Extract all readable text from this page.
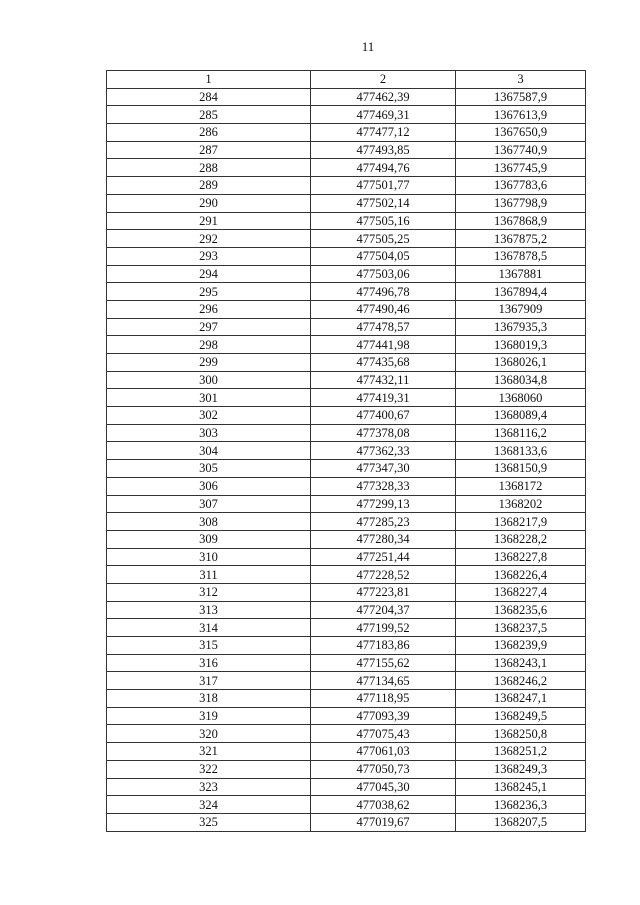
11
1	2	3
284	477462,39	1367587,9
285	477469,31	1367613,9
286	477477,12	1367650,9
287	477493,85	1367740,9
288	477494,76	1367745,9
289	477501,77	1367783,6
290	477502,14	1367798,9
291	477505,16	1367868,9
292	477505,25	1367875,2
293	477504,05	1367878,5
294	477503,06	1367881
295	477496,78	1367894,4
296	477490,46	1367909
297	477478,57	1367935,3
298	477441,98	1368019,3
299	477435,68	1368026,1
300	477432,11	1368034,8
301	477419,31	1368060
302	477400,67	1368089,4
303	477378,08	1368116,2
304	477362,33	1368133,6
305	477347,30	1368150,9
306	477328,33	1368172
307	477299,13	1368202
308	477285,23	1368217,9
309	477280,34	1368228,2
310	477251,44	1368227,8
311	477228,52	1368226,4
312	477223,81	1368227,4
313	477204,37	1368235,6
314	477199,52	1368237,5
315	477183,86	1368239,9
316	477155,62	1368243,1
317	477134,65	1368246,2
318	477118,95	1368247,1
319	477093,39	1368249,5
320	477075,43	1368250,8
321	477061,03	1368251,2
322	477050,73	1368249,3
323	477045,30	1368245,1
324	477038,62	1368236,3
325	477019,67	1368207,5
